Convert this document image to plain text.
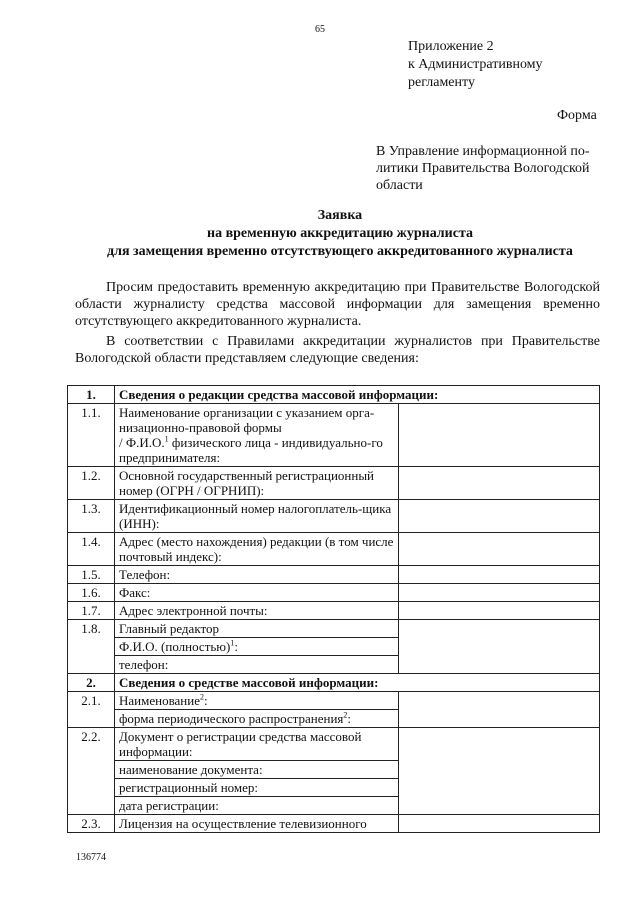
65
Приложение 2
к Административному
регламенту
Форма
В Управление информационной по-литики Правительства Вологодской области
Заявка
на временную аккредитацию журналиста
для замещения временно отсутствующего аккредитованного журналиста
Просим предоставить временную аккредитацию при Правительстве Вологодской области журналисту средства массовой информации для замещения временно отсутствующего аккредитованного журналиста.
В соответствии с Правилами аккредитации журналистов при Правительстве Вологодской области представляем следующие сведения:
1.	Сведения о редакции средства массовой информации:	
1.1.	Наименование организации с указанием орга-низационно-правовой формы
/ Ф.И.О.$^1$ физического лица - индивидуально-го предпринимателя:	
1.2.	Основной государственный регистрационный номер (ОГРН / ОГРНИП):	
1.3.	Идентификационный номер налогоплатель-щика (ИНН):	
1.4.	Адрес (место нахождения) редакции (в том числе почтовый индекс):	
1.5.	Телефон:	
1.6.	Факс:	
1.7.	Адрес электронной почты:	
1.8.	Главный редактор	
	Ф.И.О. (полностью)$^1$:	
	телефон:	
2.	Сведения о средстве массовой информации:	
2.1.	Наименование$^2$:	
	форма периодического распространения$^2$:	
2.2.	Документ о регистрации средства массовой информации:	
	наименование документа:	
	регистрационный номер:	
	дата регистрации:	
2.3.	Лицензия на осуществление телевизионного	
136774
